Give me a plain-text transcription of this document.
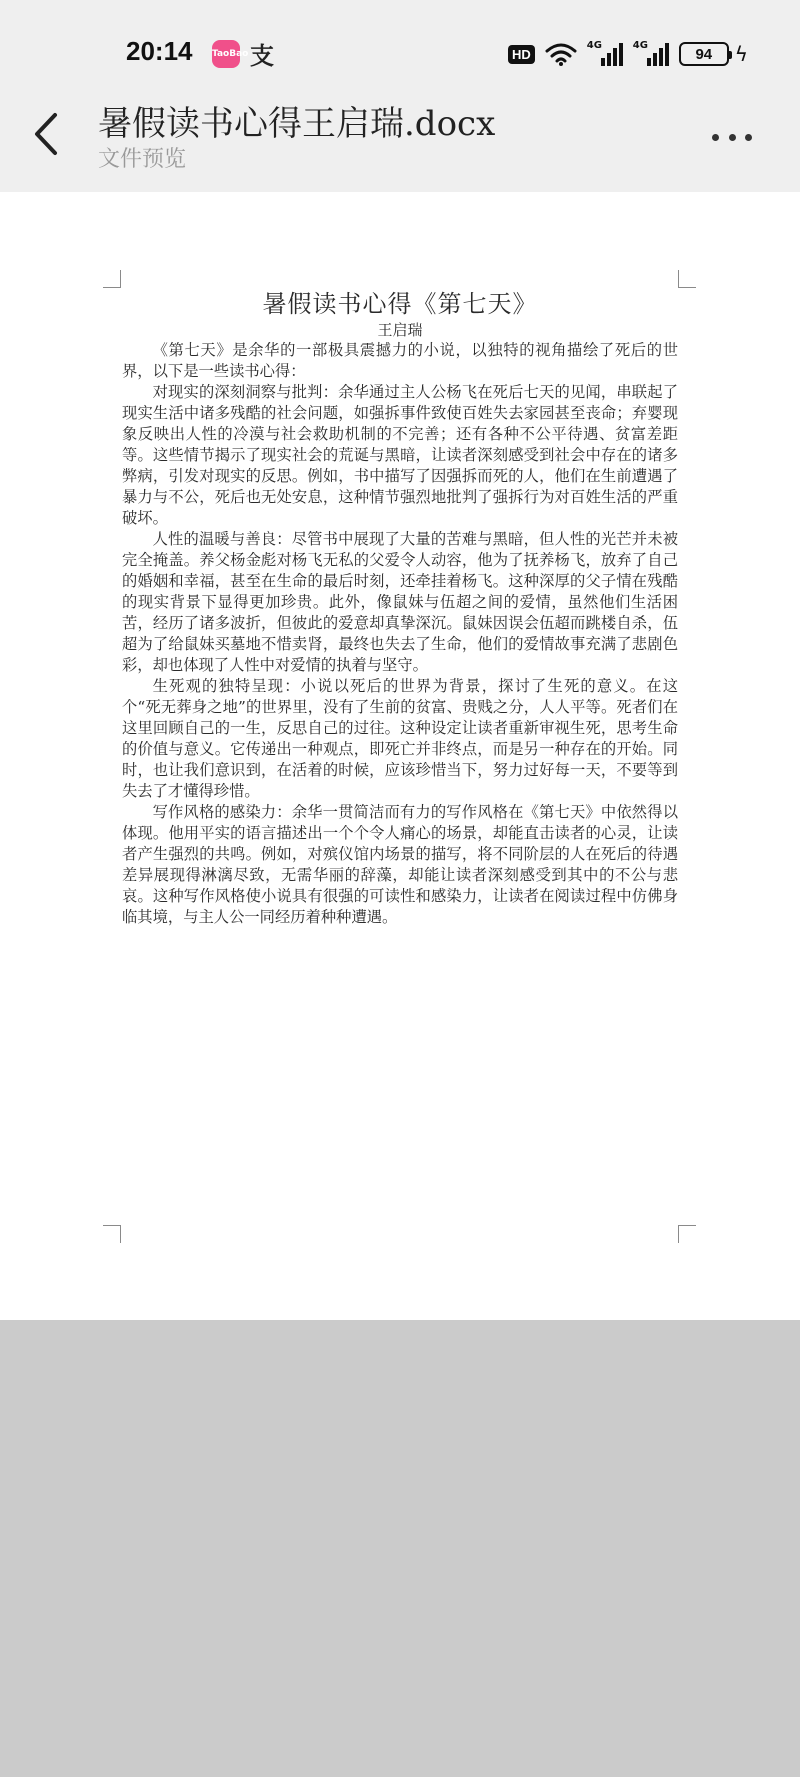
20:14 TaoBao 支	HD
4G	4G	94 ϟ
暑假读书心得王启瑞.docx
文件预览
暑假读书心得《第七天》
王启瑞

《第七天》是余华的一部极具震撼力的小说，以独特的视角描绘了死后的世界，以下是一些读书心得：

对现实的深刻洞察与批判：余华通过主人公杨飞在死后七天的见闻，串联起了现实生活中诸多残酷的社会问题，如强拆事件致使百姓失去家园甚至丧命；弃婴现象反映出人性的冷漠与社会救助机制的不完善；还有各种不公平待遇、贫富差距等。这些情节揭示了现实社会的荒诞与黑暗，让读者深刻感受到社会中存在的诸多弊病，引发对现实的反思。例如，书中描写了因强拆而死的人，他们在生前遭遇了暴力与不公，死后也无处安息，这种情节强烈地批判了强拆行为对百姓生活的严重破坏。

人性的温暖与善良：尽管书中展现了大量的苦难与黑暗，但人性的光芒并未被完全掩盖。养父杨金彪对杨飞无私的父爱令人动容，他为了抚养杨飞，放弃了自己的婚姻和幸福，甚至在生命的最后时刻，还牵挂着杨飞。这种深厚的父子情在残酷的现实背景下显得更加珍贵。此外，像鼠妹与伍超之间的爱情，虽然他们生活困苦，经历了诸多波折，但彼此的爱意却真挚深沉。鼠妹因误会伍超而跳楼自杀，伍超为了给鼠妹买墓地不惜卖肾，最终也失去了生命，他们的爱情故事充满了悲剧色彩，却也体现了人性中对爱情的执着与坚守。

生死观的独特呈现：小说以死后的世界为背景，探讨了生死的意义。在这个“死无葬身之地”的世界里，没有了生前的贫富、贵贱之分，人人平等。死者们在这里回顾自己的一生，反思自己的过往。这种设定让读者重新审视生死，思考生命的价值与意义。它传递出一种观点，即死亡并非终点，而是另一种存在的开始。同时，也让我们意识到，在活着的时候，应该珍惜当下，努力过好每一天，不要等到失去了才懂得珍惜。

写作风格的感染力：余华一贯简洁而有力的写作风格在《第七天》中依然得以体现。他用平实的语言描述出一个个令人痛心的场景，却能直击读者的心灵，让读者产生强烈的共鸣。例如，对殡仪馆内场景的描写，将不同阶层的人在死后的待遇差异展现得淋漓尽致，无需华丽的辞藻，却能让读者深刻感受到其中的不公与悲哀。这种写作风格使小说具有很强的可读性和感染力，让读者在阅读过程中仿佛身临其境，与主人公一同经历着种种遭遇。
